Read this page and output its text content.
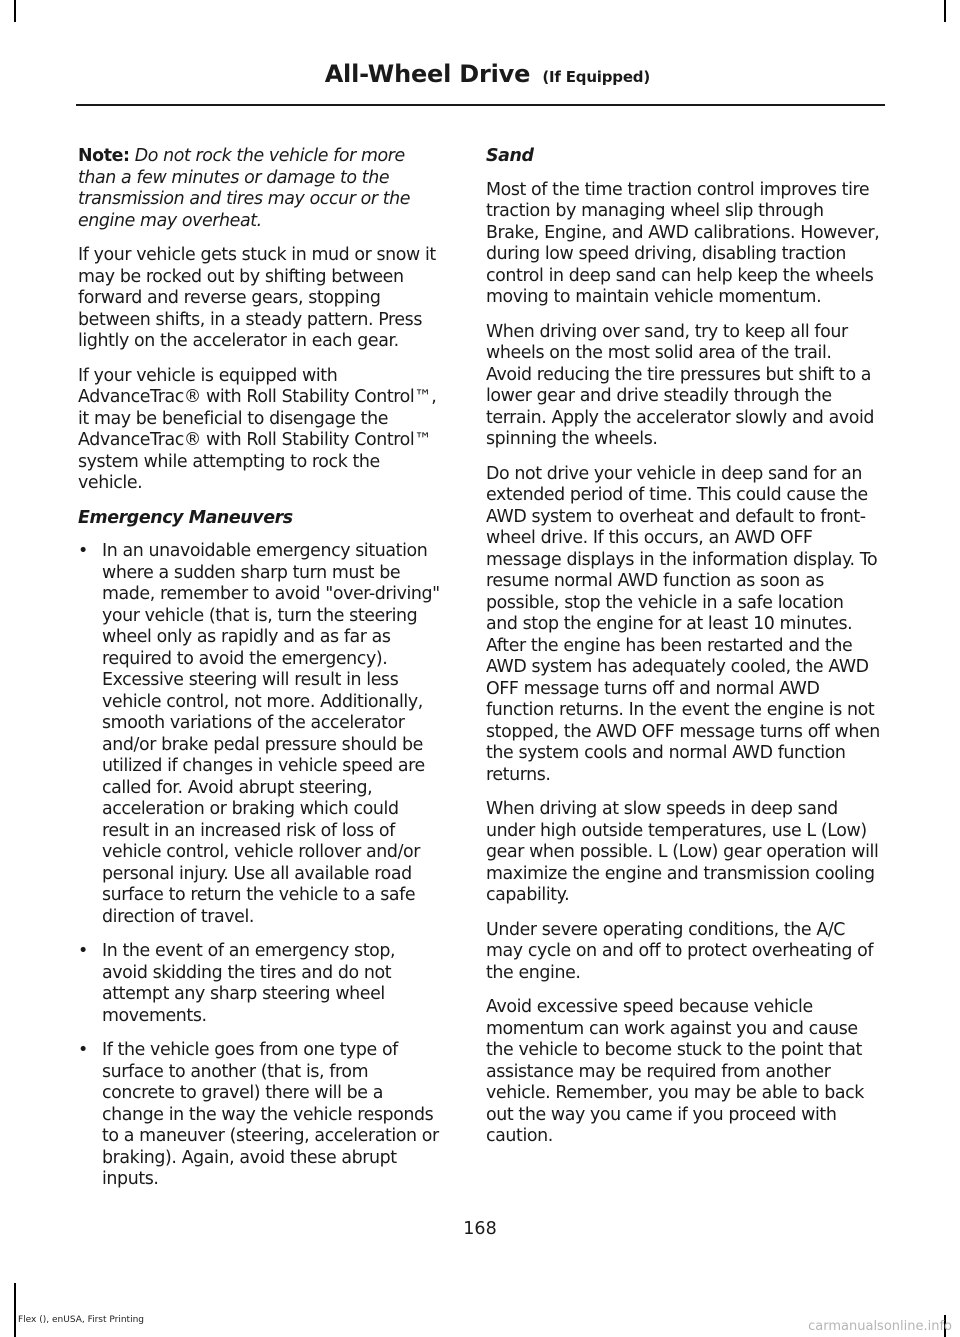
All-Wheel Drive (If Equipped)

Note: Do not rock the vehicle for more than a few minutes or damage to the transmission and tires may occur or the engine may overheat.

If your vehicle gets stuck in mud or snow it may be rocked out by shifting between forward and reverse gears, stopping between shifts, in a steady pattern. Press lightly on the accelerator in each gear.

If your vehicle is equipped with AdvanceTrac® with Roll Stability Control™, it may be beneficial to disengage the AdvanceTrac® with Roll Stability Control™ system while attempting to rock the vehicle.

Emergency Maneuvers
• In an unavoidable emergency situation where a sudden sharp turn must be made, remember to avoid "over-driving" your vehicle (that is, turn the steering wheel only as rapidly and as far as required to avoid the emergency). Excessive steering will result in less vehicle control, not more. Additionally, smooth variations of the accelerator and/or brake pedal pressure should be utilized if changes in vehicle speed are called for. Avoid abrupt steering, acceleration or braking which could result in an increased risk of loss of vehicle control, vehicle rollover and/or personal injury. Use all available road surface to return the vehicle to a safe direction of travel.
• In the event of an emergency stop, avoid skidding the tires and do not attempt any sharp steering wheel movements.
• If the vehicle goes from one type of surface to another (that is, from concrete to gravel) there will be a change in the way the vehicle responds to a maneuver (steering, acceleration or braking). Again, avoid these abrupt inputs.
Sand

Most of the time traction control improves tire traction by managing wheel slip through Brake, Engine, and AWD calibrations. However, during low speed driving, disabling traction control in deep sand can help keep the wheels moving to maintain vehicle momentum.

When driving over sand, try to keep all four wheels on the most solid area of the trail. Avoid reducing the tire pressures but shift to a lower gear and drive steadily through the terrain. Apply the accelerator slowly and avoid spinning the wheels.

Do not drive your vehicle in deep sand for an extended period of time. This could cause the AWD system to overheat and default to front-wheel drive. If this occurs, an AWD OFF message displays in the information display. To resume normal AWD function as soon as possible, stop the vehicle in a safe location and stop the engine for at least 10 minutes. After the engine has been restarted and the AWD system has adequately cooled, the AWD OFF message turns off and normal AWD function returns. In the event the engine is not stopped, the AWD OFF message turns off when the system cools and normal AWD function returns.

When driving at slow speeds in deep sand under high outside temperatures, use L (Low) gear when possible. L (Low) gear operation will maximize the engine and transmission cooling capability.

Under severe operating conditions, the A/C may cycle on and off to protect overheating of the engine.

Avoid excessive speed because vehicle momentum can work against you and cause the vehicle to become stuck to the point that assistance may be required from another vehicle. Remember, you may be able to back out the way you came if you proceed with caution.

168
Flex (), enUSA, First Printing	carmanualsonline.info
